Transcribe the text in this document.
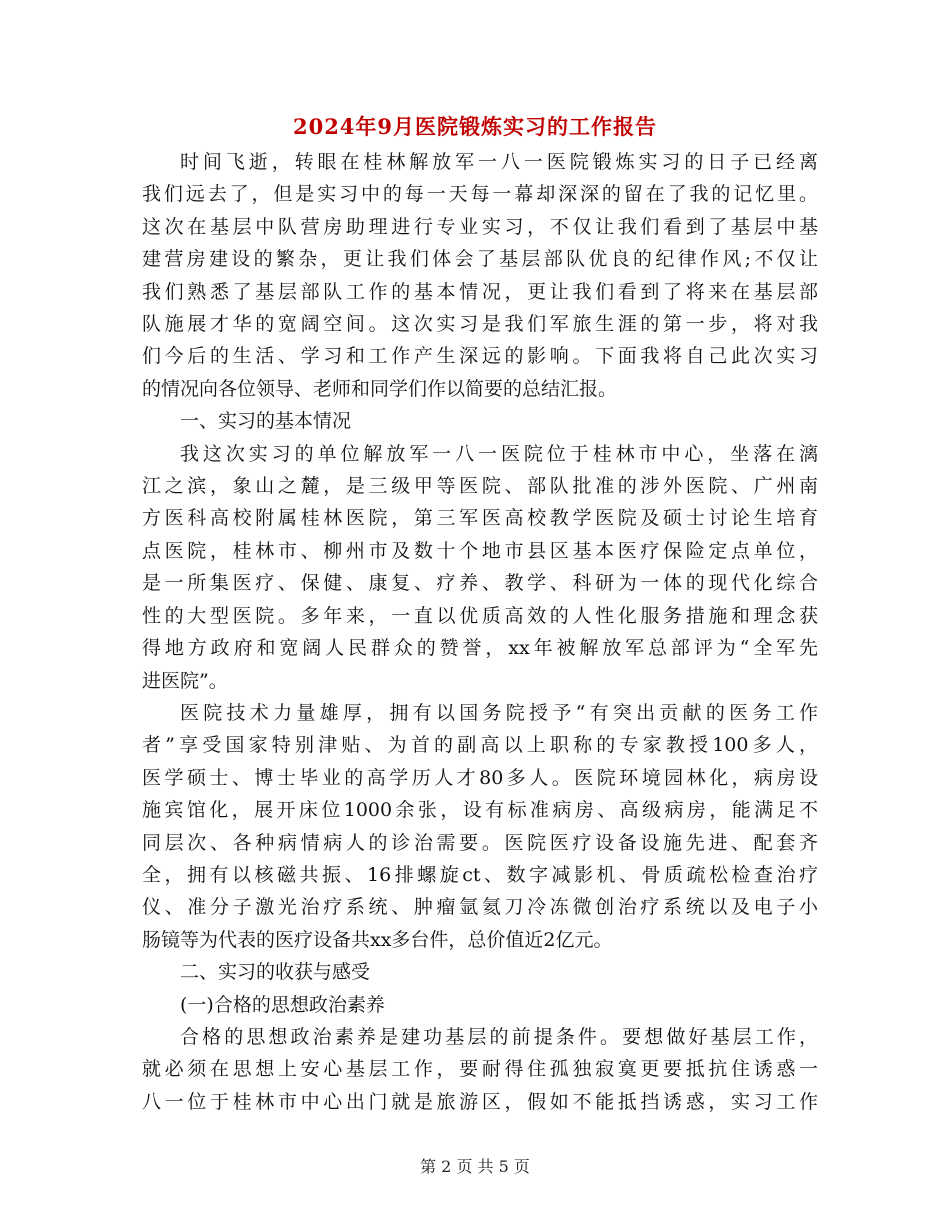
2024年9月医院锻炼实习的工作报告
时间飞逝，转眼在桂林解放军一八一医院锻炼实习的日子已经离
我们远去了，但是实习中的每一天每一幕却深深的留在了我的记忆里。
这次在基层中队营房助理进行专业实习，不仅让我们看到了基层中基
建营房建设的繁杂，更让我们体会了基层部队优良的纪律作风;不仅让
我们熟悉了基层部队工作的基本情况，更让我们看到了将来在基层部
队施展才华的宽阔空间。这次实习是我们军旅生涯的第一步，将对我
们今后的生活、学习和工作产生深远的影响。下面我将自己此次实习
的情况向各位领导、老师和同学们作以简要的总结汇报。
一、实习的基本情况
我这次实习的单位解放军一八一医院位于桂林市中心，坐落在漓
江之滨，象山之麓，是三级甲等医院、部队批准的涉外医院、广州南
方医科高校附属桂林医院，第三军医高校教学医院及硕士讨论生培育
点医院，桂林市、柳州市及数十个地市县区基本医疗保险定点单位，
是一所集医疗、保健、康复、疗养、教学、科研为一体的现代化综合
性的大型医院。多年来，一直以优质高效的人性化服务措施和理念获
得地方政府和宽阔人民群众的赞誉，xx年被解放军总部评为“全军先
进医院”。
医院技术力量雄厚，拥有以国务院授予“有突出贡献的医务工作
者”享受国家特别津贴、为首的副高以上职称的专家教授100多人，
医学硕士、博士毕业的高学历人才80多人。医院环境园林化，病房设
施宾馆化，展开床位1000余张，设有标准病房、高级病房，能满足不
同层次、各种病情病人的诊治需要。医院医疗设备设施先进、配套齐
全，拥有以核磁共振、16排螺旋ct、数字减影机、骨质疏松检查治疗
仪、准分子激光治疗系统、肿瘤氩氦刀冷冻微创治疗系统以及电子小
肠镜等为代表的医疗设备共xx多台件，总价值近2亿元。
二、实习的收获与感受
(一)合格的思想政治素养
合格的思想政治素养是建功基层的前提条件。要想做好基层工作，
就必须在思想上安心基层工作，要耐得住孤独寂寞更要抵抗住诱惑一
八一位于桂林市中心出门就是旅游区，假如不能抵挡诱惑，实习工作
第 2 页 共 5 页
